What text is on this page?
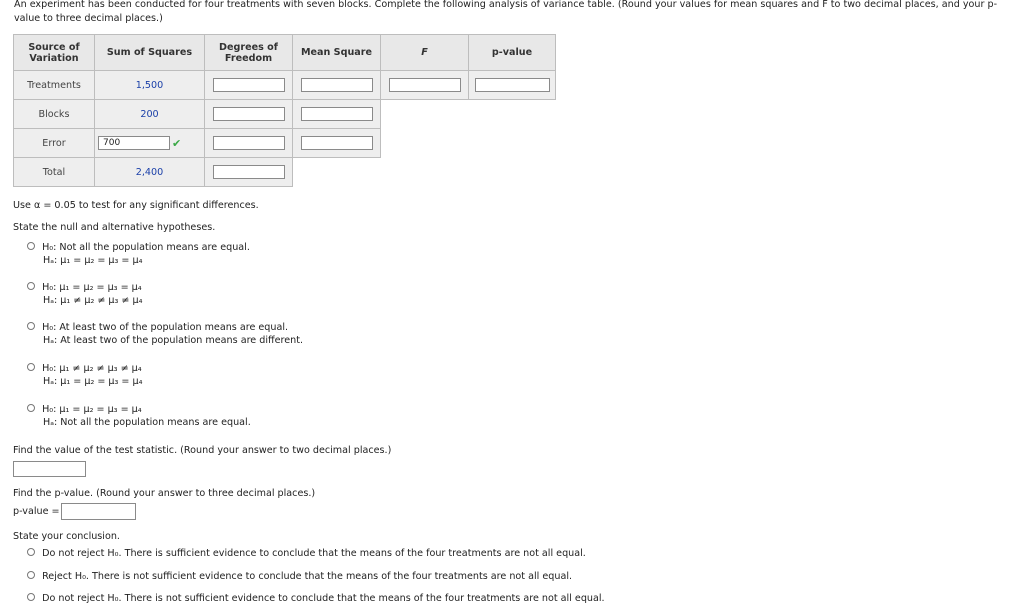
An experiment has been conducted for four treatments with seven blocks. Complete the following analysis of variance table. (Round your values for mean squares and F to two decimal places, and your p-value to three decimal places.)
Source of Variation	Sum of Squares	Degrees of Freedom	Mean Square	F	p-value
Treatments	1,500				
Blocks	200				
Error	700 ✔				
Total	2,400				
Use α = 0.05 to test for any significant differences.
State the null and alternative hypotheses.
H₀: Not all the population means are equal.
Hₐ: μ₁ = μ₂ = μ₃ = μ₄
H₀: μ₁ = μ₂ = μ₃ = μ₄
Hₐ: μ₁ ≠ μ₂ ≠ μ₃ ≠ μ₄
H₀: At least two of the population means are equal.
Hₐ: At least two of the population means are different.
H₀: μ₁ ≠ μ₂ ≠ μ₃ ≠ μ₄
Hₐ: μ₁ = μ₂ = μ₃ = μ₄
H₀: μ₁ = μ₂ = μ₃ = μ₄
Hₐ: Not all the population means are equal.
Find the value of the test statistic. (Round your answer to two decimal places.)
Find the p-value. (Round your answer to three decimal places.)
p-value =
State your conclusion.
Do not reject H₀. There is sufficient evidence to conclude that the means of the four treatments are not all equal.
Reject H₀. There is not sufficient evidence to conclude that the means of the four treatments are not all equal.
Do not reject H₀. There is not sufficient evidence to conclude that the means of the four treatments are not all equal.
